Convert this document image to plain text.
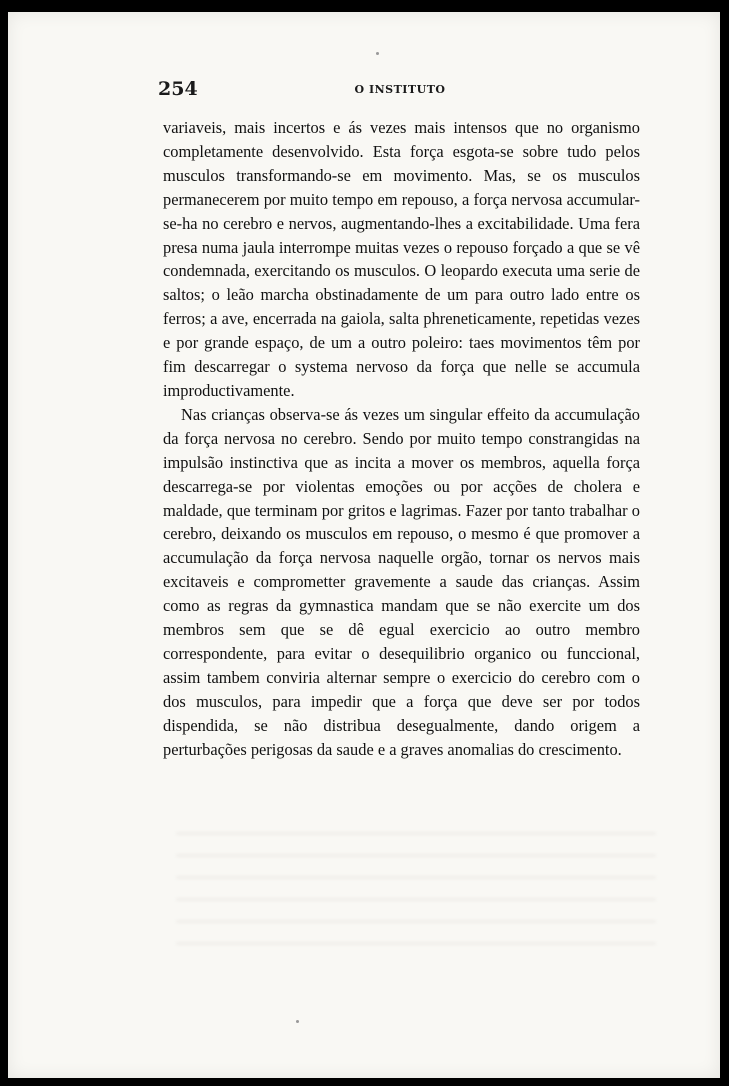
254	O INSTITUTO

variaveis, mais incertos e ás vezes mais intensos que no organismo completamente desenvolvido. Esta força esgota-se sobre tudo pelos musculos transformando-se em movimento. Mas, se os musculos permanecerem por muito tempo em repouso, a força nervosa accumular-se-ha no cerebro e nervos, augmentando-lhes a excitabilidade. Uma fera presa numa jaula interrompe muitas vezes o repouso forçado a que se vê condemnada, exercitando os musculos. O leopardo executa uma serie de saltos; o leão marcha obstinadamente de um para outro lado entre os ferros; a ave, encerrada na gaiola, salta phreneticamente, repetidas vezes e por grande espaço, de um a outro poleiro: taes movimentos têm por fim descarregar o systema nervoso da força que nelle se accumula improductivamente.

Nas crianças observa-se ás vezes um singular effeito da accumulação da força nervosa no cerebro. Sendo por muito tempo constrangidas na impulsão instinctiva que as incita a mover os membros, aquella força descarrega-se por violentas emoções ou por acções de cholera e maldade, que terminam por gritos e lagrimas. Fazer por tanto trabalhar o cerebro, deixando os musculos em repouso, o mesmo é que promover a accumulação da força nervosa naquelle orgão, tornar os nervos mais excitaveis e comprometter gravemente a saude das crianças. Assim como as regras da gymnastica mandam que se não exercite um dos membros sem que se dê egual exercicio ao outro membro correspondente, para evitar o desequilibrio organico ou funccional, assim tambem conviria alternar sempre o exercicio do cerebro com o dos musculos, para impedir que a força que deve ser por todos dispendida, se não distribua desegualmente, dando origem a perturbações perigosas da saude e a graves anomalias do crescimento.
